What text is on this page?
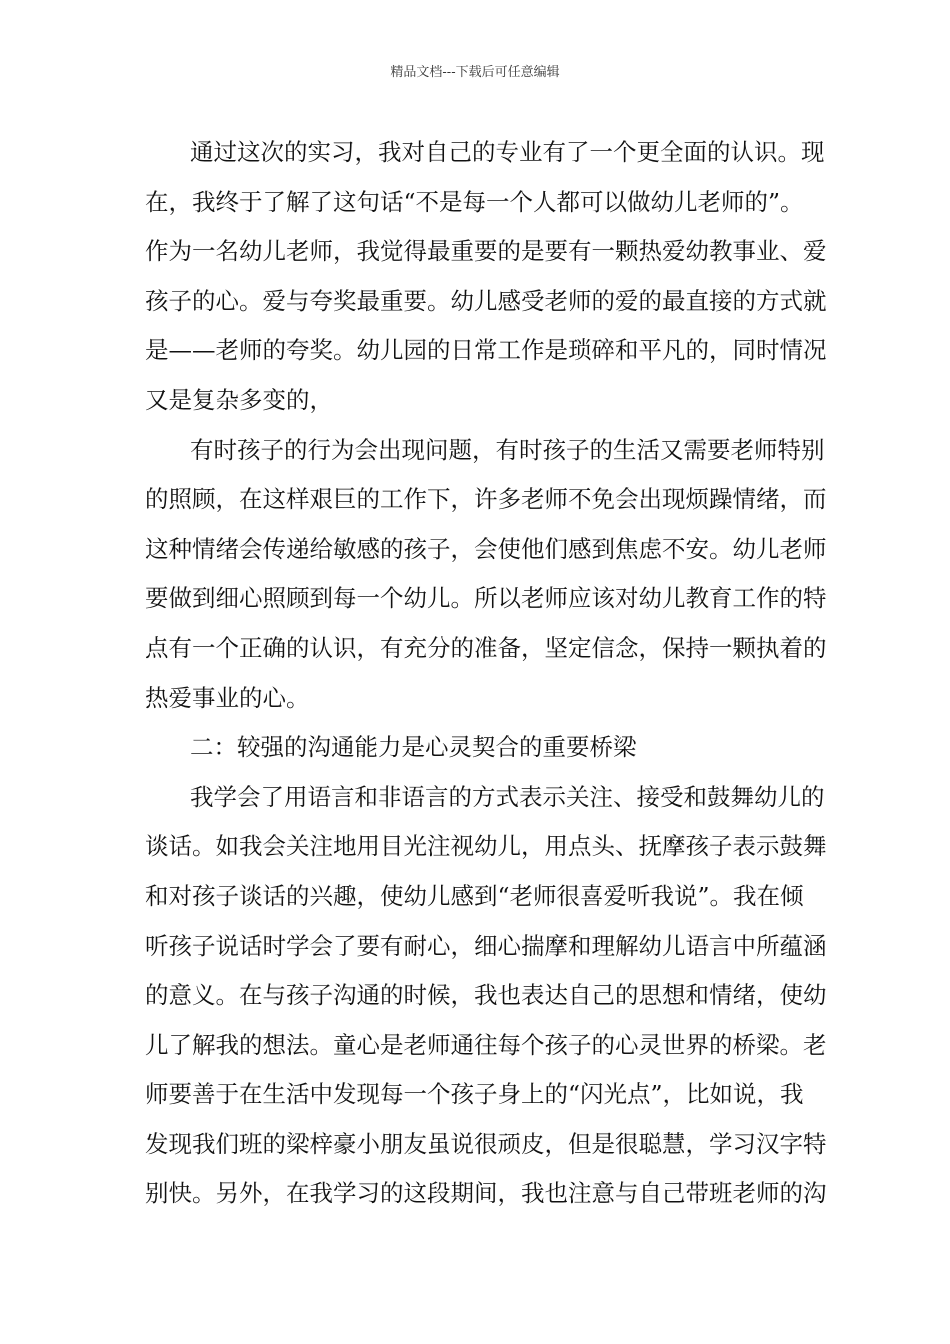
精品文档---下载后可任意编辑
通过这次的实习，我对自己的专业有了一个更全面的认识。现
在，我终于了解了这句话“不是每一个人都可以做幼儿老师的”。
作为一名幼儿老师，我觉得最重要的是要有一颗热爱幼教事业、爱
孩子的心。爱与夸奖最重要。幼儿感受老师的爱的最直接的方式就
是——老师的夸奖。幼儿园的日常工作是琐碎和平凡的，同时情况
又是复杂多变的，
有时孩子的行为会出现问题，有时孩子的生活又需要老师特别
的照顾，在这样艰巨的工作下，许多老师不免会出现烦躁情绪，而
这种情绪会传递给敏感的孩子，会使他们感到焦虑不安。幼儿老师
要做到细心照顾到每一个幼儿。所以老师应该对幼儿教育工作的特
点有一个正确的认识，有充分的准备，坚定信念，保持一颗执着的
热爱事业的心。
二：较强的沟通能力是心灵契合的重要桥梁
我学会了用语言和非语言的方式表示关注、接受和鼓舞幼儿的
谈话。如我会关注地用目光注视幼儿，用点头、抚摩孩子表示鼓舞
和对孩子谈话的兴趣，使幼儿感到“老师很喜爱听我说”。我在倾
听孩子说话时学会了要有耐心，细心揣摩和理解幼儿语言中所蕴涵
的意义。在与孩子沟通的时候，我也表达自己的思想和情绪，使幼
儿了解我的想法。童心是老师通往每个孩子的心灵世界的桥梁。老
师要善于在生活中发现每一个孩子身上的“闪光点”，比如说，我
发现我们班的梁梓豪小朋友虽说很顽皮，但是很聪慧，学习汉字特
别快。另外，在我学习的这段期间，我也注意与自己带班老师的沟
